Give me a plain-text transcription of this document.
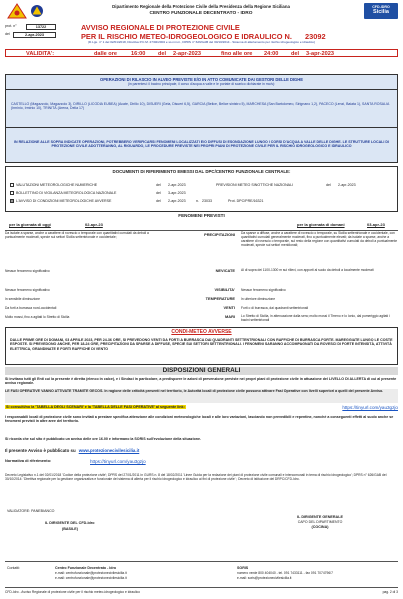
Dipartimento Regionale della Protezione Civile della Presidenza della Regione Siciliana
CENTRO FUNZIONALE DECENTRATO - IDRO
CFD-IDRO
Sicilia
prot. n°	13722
del	2-apr-2023
AVVISO REGIONALE DI PROTEZIONE CIVILE
PER IL RISCHIO METEO-IDROGEOLOGICO E IDRAULICO N. 23092
(D.Lgs. n° 1 del 02/01/2018, Direttiva P.C.M. 27/02/2004 e ss.mm.ii., DPRS n° 626/GAB del 30/10/2014 - Sistema di allertamento per rischio idrogeologico e idraulico)
VALIDITA':	dalle ore 16:00 del 2-apr-2023	fino alle ore 24:00 del 3-apr-2023
OPERAZIONI DI RILASCIO IN ALVEO PREVISTE E/O IN ATTO COMUNICATE DAI GESTORI DELLE DIGHE
(in parentesi: il bacino principale, il corso d'acqua a valle e le portate di scarico dichiarate in mc/s):
CASTELLO (Magazzolo, Magazzolo 3), DIRILLO (LICODIA EUBEA) (Acate, Dirillo 10), DISUERI (Gela, Disueri 6,5), GARCIA (Belice, Belice sinistro 5), MARCHESA (San Bartolomeo, Sirignano 1,2), PACECO (Lenzi, Baiata 1), SANTA ROSALIA (Irminio, Irminio 10), TRINITÀ (Arena, Delia 17)
IN RELAZIONE ALLE SOPRA INDICATE OPERAZIONI, POTREBBERO VERIFICARSI FENOMENI LOCALIZZATI E/O DIFFUSI DI ESONDAZIONE LUNGO I CORSI D'ACQUA A VALLE DELLE DIGHE. LE STRUTTURE LOCALI DI PROTEZIONE CIVILE ADOTTERANNO, AL RIGUARDO, LE PROCEDURE PREVISTE NEI PROPRI PIANI DI PROTEZIONE CIVILE PER IL RISCHIO IDROGEOLOGICO E IDRAULICO
DOCUMENTI DI RIFERIMENTO EMESSI DAL DPC/CENTRO FUNZIONALE CENTRALE:
VALUTAZIONI METEOROLOGICHE NUMERICHE	del	2-apr-2023	PREVISIONI METEO SINOTTICHE NAZIONALI	del	2-apr-2023
BOLLETTINO DI VIGILANZA METEOROLOGICA NAZIONALE	del	3-apr-2023
x L'AVVISO DI CONDIZIONI METEOROLOGICHE AVVERSE	del	2-apr-2023	n. 23033	Prot. DPC/PRE/16321
FENOMENI PREVISTI
per la giornata di oggi	02-apr-23	per la giornata di domani	03-apr-23
Da isolate a sparse, anche a carattere di rovescio o temporale con quantitativi cumulati da deboli a puntualmente moderati, specie sui settori Sicilia settentrionale e occidentale;
PRECIPITAZIONI Da sparse a diffuse, anche a carattere di rovescio o temporale, su Sicilia settentrionale e occidentale, con quantitativi cumulati generalmente moderati, fino a puntualmente elevati; da isolate a sparse, anche a carattere di rovescio o temporale, sul resto della regione con quantitativi cumulati da deboli a puntualmente moderati, specie sui settori meridionali;
Nessun fenomeno significativo	NEVICATE Al di sopra dei 1100-1300 m sui rilievi, con apporti al suolo da deboli a localmente moderati
Nessun fenomeno significativo	VISIBILITA' Nessun fenomeno significativo
In sensibile diminuzione	TEMPERATURE In ulteriore diminuzione
Da forti a burrasca nord-occidentali	VENTI Forti o di burrasca, dai quadranti settentrionali
Molto mossi, fino a agitati lo Stretto di Sicilia	MARI Lo Stretto di Sicilia, in attenuazione dalla sera; molto mossi il Tirreno e lo Ionio, dal pomeriggio agitati i bacini settentrionali
CONDI-METEO AVVERSE
DALLE PRIME ORE DI DOMANI, 03 APRILE 2023, PER 24-36 ORE, SI PREVEDONO VENTI DA FORTI A BURRASCA DAI QUADRANTI SETTENTRIONALI CON RAFFICHE DI BURRASCA FORTE. MAREGGIATE LUNGO LE COSTE ESPOSTE. SI PREVEDONO ANCHE, PER 18-24 ORE, PRECIPITAZIONI DA SPARSE A DIFFUSE, SPECIE SUI SETTORI SETTENTRIONALI. I FENOMENI SARANNO ACCOMPAGNATI DA ROVESCI DI FORTE INTENSITÀ, ATTIVITÀ ELETTRICA, GRANDINATE E FORTI RAFFICHE DI VENTO
DISPOSIZIONI GENERALI
Si invitano tutti gli Enti cui la presente è diretta (elenco in calce), e i Sindaci in particolare, a predisporre le azioni di prevenzione previste nei propri piani di protezione civile in attuazione del LIVELLO DI ALLERTA di cui al presente avviso regionale.
LE FASI OPERATIVE VANNO ATTIVATE TRAMITE GECOS. In ragione delle criticità presenti nel territorio, le Autorità locali di protezione civile possono attivare Fasi Operative con livelli superiori a quelli del presente Avviso.
Si consulti/no la 'TABELLA DEGLI SCENARI' e la 'TABELLA DELLE FASI OPERATIVE' al seguente link:	https://tinyurl.com/yau3gzjo
I responsabili locali di protezione civile sono invitati a prestare specifica attenzione alle condizioni meteorologiche locali e alle loro variazioni, lasciando non prevedibili e repentine, nonché a conseguenti effetti al suolo anche se fenomeni previsti in altre aree del territorio.
Si ricorda che sul sito è pubblicato un avviso delle ore 16.00 e informano la SORIS sull'evoluzione della situazione.
Il presente Avviso è pubblicato su www.protezionecivilesicilia.it
Normativa di riferimento:	https://tinyurl.com/yau3gzjo
Decreto Legislativo n.1 del 02/01/2018 'Codice della protezione civile'; DPRS del 27/01/2011 in GURS n. 8 del 18/02/2011 'Linee Guida per la redazione dei piani di protezione civile comunali e intercomunali in tema di rischio idrogeologico'; DPRS n° 626/GAB del 30/10/2014: 'Direttiva regionale per la gestione organizzativa e funzionale del sistema di allerta per il rischio idrogeologico e idraulico ai fini di protezione civile' ; Decreto di istituzione del DRPC/CFD-Idro.
VALIDATORE: PANEBIANCO
IL DIRIGENTE DEL CFD-Idro
(BASILE)
IL DIRIGENTE GENERALE
CAPO DEL DIPARTIMENTO
(COCINA)
Contatti:	Centro Funzionale Decentrato - Idro
e-mail: centrofunzionale@protezionecivilesicilia.it
e-mail: centrofunzionale@protezionecivilesicilia.it
SORIS
numero verde 800 404040 - tel. 091 7433111 - fax 091 7074796/7
e-mail: soris@protezionecivilesicilia.it
CFD-Idro - Avviso Regionale di protezione civile per il rischio meteo-idrogeologico e idraulico	pag. 2 di 3
